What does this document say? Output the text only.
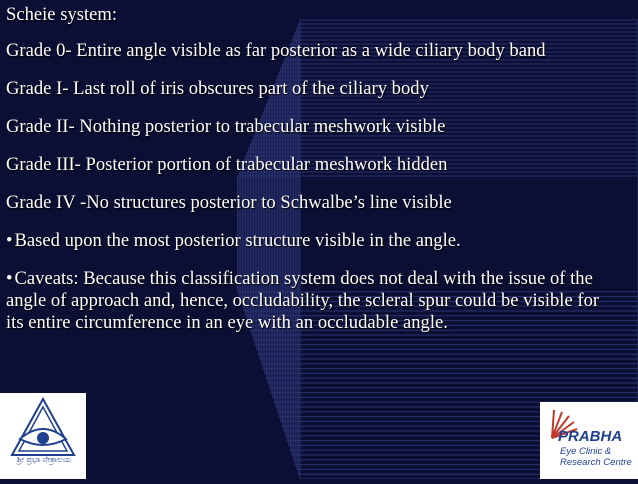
Scheie system:
Grade 0- Entire angle visible as far posterior as a wide ciliary body band
Grade I- Last roll of iris obscures part of the ciliary body
Grade II- Nothing posterior to trabecular meshwork visible
Grade III- Posterior portion of trabecular meshwork hidden
Grade IV -No structures posterior to Schwalbe’s line visible
• Based upon the most posterior structure visible in the angle.
• Caveats: Because this classification system does not deal with the issue of the angle of approach and, hence, occludability, the scleral spur could be visible for its entire circumference in an eye with an occludable angle.
ಶ್ರೀ ಪ್ರಭಾ ನೇತ್ರಾಲಯ
PRABHA
Eye Clinic &
Research Centre
